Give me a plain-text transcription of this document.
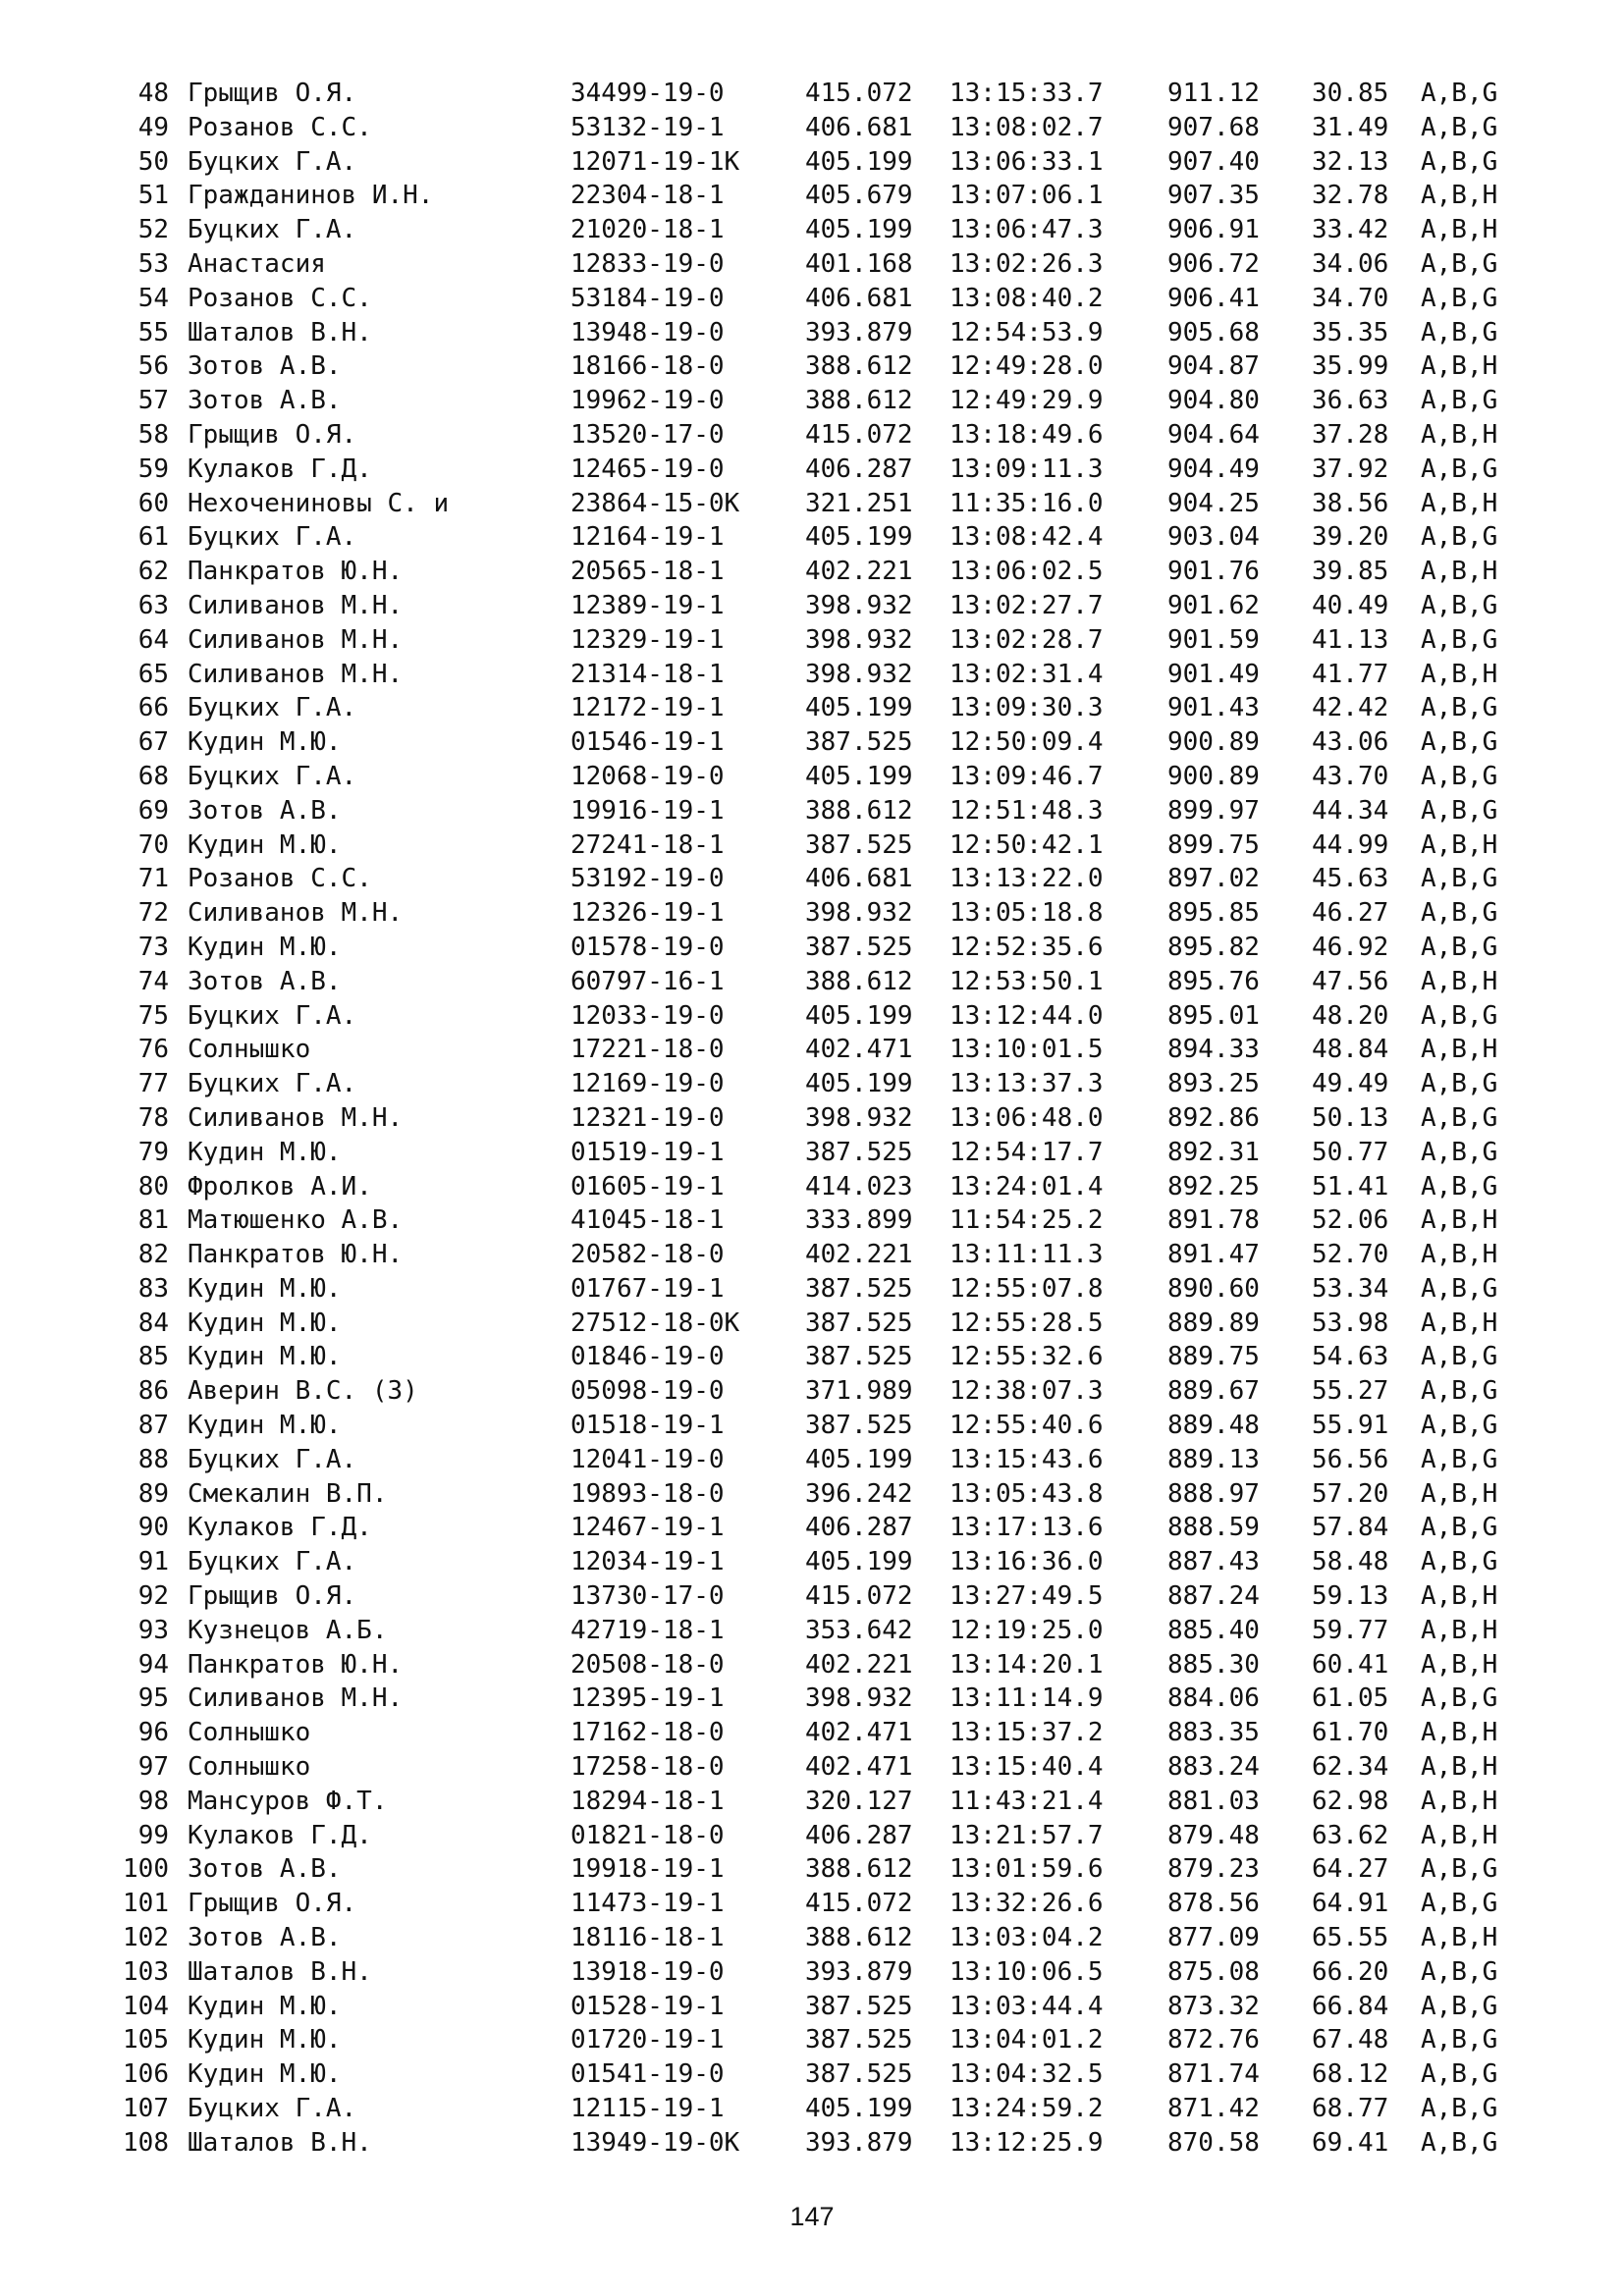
48 Грыщив О.Я.	34499-19-0	415.072 13:15:33.7	911.12 30.85 A,B,G
49 Розанов С.С.	53132-19-1	406.681 13:08:02.7	907.68 31.49 A,B,G
50 Буцких Г.А.	12071-19-1K	405.199 13:06:33.1	907.40 32.13 A,B,G
51 Гражданинов И.Н.	22304-18-1	405.679 13:07:06.1	907.35 32.78 A,B,H
52 Буцких Г.А.	21020-18-1	405.199 13:06:47.3	906.91 33.42 A,B,H
53 Анастасия	12833-19-0	401.168 13:02:26.3	906.72 34.06 A,B,G
54 Розанов С.С.	53184-19-0	406.681 13:08:40.2	906.41 34.70 A,B,G
55 Шаталов В.Н.	13948-19-0	393.879 12:54:53.9	905.68 35.35 A,B,G
56 Зотов А.В.	18166-18-0	388.612 12:49:28.0	904.87 35.99 A,B,H
57 Зотов А.В.	19962-19-0	388.612 12:49:29.9	904.80 36.63 A,B,G
58 Грыщив О.Я.	13520-17-0	415.072 13:18:49.6	904.64 37.28 A,B,H
59 Кулаков Г.Д.	12465-19-0	406.287 13:09:11.3	904.49 37.92 A,B,G
60 Нехочениновы С. и	23864-15-0K	321.251 11:35:16.0	904.25 38.56 A,B,H
61 Буцких Г.А.	12164-19-1	405.199 13:08:42.4	903.04 39.20 A,B,G
62 Панкратов Ю.Н.	20565-18-1	402.221 13:06:02.5	901.76 39.85 A,B,H
63 Силиванов М.Н.	12389-19-1	398.932 13:02:27.7	901.62 40.49 A,B,G
64 Силиванов М.Н.	12329-19-1	398.932 13:02:28.7	901.59 41.13 A,B,G
65 Силиванов М.Н.	21314-18-1	398.932 13:02:31.4	901.49 41.77 A,B,H
66 Буцких Г.А.	12172-19-1	405.199 13:09:30.3	901.43 42.42 A,B,G
67 Кудин М.Ю.	01546-19-1	387.525 12:50:09.4	900.89 43.06 A,B,G
68 Буцких Г.А.	12068-19-0	405.199 13:09:46.7	900.89 43.70 A,B,G
69 Зотов А.В.	19916-19-1	388.612 12:51:48.3	899.97 44.34 A,B,G
70 Кудин М.Ю.	27241-18-1	387.525 12:50:42.1	899.75 44.99 A,B,H
71 Розанов С.С.	53192-19-0	406.681 13:13:22.0	897.02 45.63 A,B,G
72 Силиванов М.Н.	12326-19-1	398.932 13:05:18.8	895.85 46.27 A,B,G
73 Кудин М.Ю.	01578-19-0	387.525 12:52:35.6	895.82 46.92 A,B,G
74 Зотов А.В.	60797-16-1	388.612 12:53:50.1	895.76 47.56 A,B,H
75 Буцких Г.А.	12033-19-0	405.199 13:12:44.0	895.01 48.20 A,B,G
76 Солнышко	17221-18-0	402.471 13:10:01.5	894.33 48.84 A,B,H
77 Буцких Г.А.	12169-19-0	405.199 13:13:37.3	893.25 49.49 A,B,G
78 Силиванов М.Н.	12321-19-0	398.932 13:06:48.0	892.86 50.13 A,B,G
79 Кудин М.Ю.	01519-19-1	387.525 12:54:17.7	892.31 50.77 A,B,G
80 Фролков А.И.	01605-19-1	414.023 13:24:01.4	892.25 51.41 A,B,G
81 Матюшенко А.В.	41045-18-1	333.899 11:54:25.2	891.78 52.06 A,B,H
82 Панкратов Ю.Н.	20582-18-0	402.221 13:11:11.3	891.47 52.70 A,B,H
83 Кудин М.Ю.	01767-19-1	387.525 12:55:07.8	890.60 53.34 A,B,G
84 Кудин М.Ю.	27512-18-0K	387.525 12:55:28.5	889.89 53.98 A,B,H
85 Кудин М.Ю.	01846-19-0	387.525 12:55:32.6	889.75 54.63 A,B,G
86 Аверин В.С. (З)	05098-19-0	371.989 12:38:07.3	889.67 55.27 A,B,G
87 Кудин М.Ю.	01518-19-1	387.525 12:55:40.6	889.48 55.91 A,B,G
88 Буцких Г.А.	12041-19-0	405.199 13:15:43.6	889.13 56.56 A,B,G
89 Смекалин В.П.	19893-18-0	396.242 13:05:43.8	888.97 57.20 A,B,H
90 Кулаков Г.Д.	12467-19-1	406.287 13:17:13.6	888.59 57.84 A,B,G
91 Буцких Г.А.	12034-19-1	405.199 13:16:36.0	887.43 58.48 A,B,G
92 Грыщив О.Я.	13730-17-0	415.072 13:27:49.5	887.24 59.13 A,B,H
93 Кузнецов А.Б.	42719-18-1	353.642 12:19:25.0	885.40 59.77 A,B,H
94 Панкратов Ю.Н.	20508-18-0	402.221 13:14:20.1	885.30 60.41 A,B,H
95 Силиванов М.Н.	12395-19-1	398.932 13:11:14.9	884.06 61.05 A,B,G
96 Солнышко	17162-18-0	402.471 13:15:37.2	883.35 61.70 A,B,H
97 Солнышко	17258-18-0	402.471 13:15:40.4	883.24 62.34 A,B,H
98 Мансуров Ф.Т.	18294-18-1	320.127 11:43:21.4	881.03 62.98 A,B,H
99 Кулаков Г.Д.	01821-18-0	406.287 13:21:57.7	879.48 63.62 A,B,H
100 Зотов А.В.	19918-19-1	388.612 13:01:59.6	879.23 64.27 A,B,G
101 Грыщив О.Я.	11473-19-1	415.072 13:32:26.6	878.56 64.91 A,B,G
102 Зотов А.В.	18116-18-1	388.612 13:03:04.2	877.09 65.55 A,B,H
103 Шаталов В.Н.	13918-19-0	393.879 13:10:06.5	875.08 66.20 A,B,G
104 Кудин М.Ю.	01528-19-1	387.525 13:03:44.4	873.32 66.84 A,B,G
105 Кудин М.Ю.	01720-19-1	387.525 13:04:01.2	872.76 67.48 A,B,G
106 Кудин М.Ю.	01541-19-0	387.525 13:04:32.5	871.74 68.12 A,B,G
107 Буцких Г.А.	12115-19-1	405.199 13:24:59.2	871.42 68.77 A,B,G
108 Шаталов В.Н.	13949-19-0K	393.879 13:12:25.9	870.58 69.41 A,B,G
147
